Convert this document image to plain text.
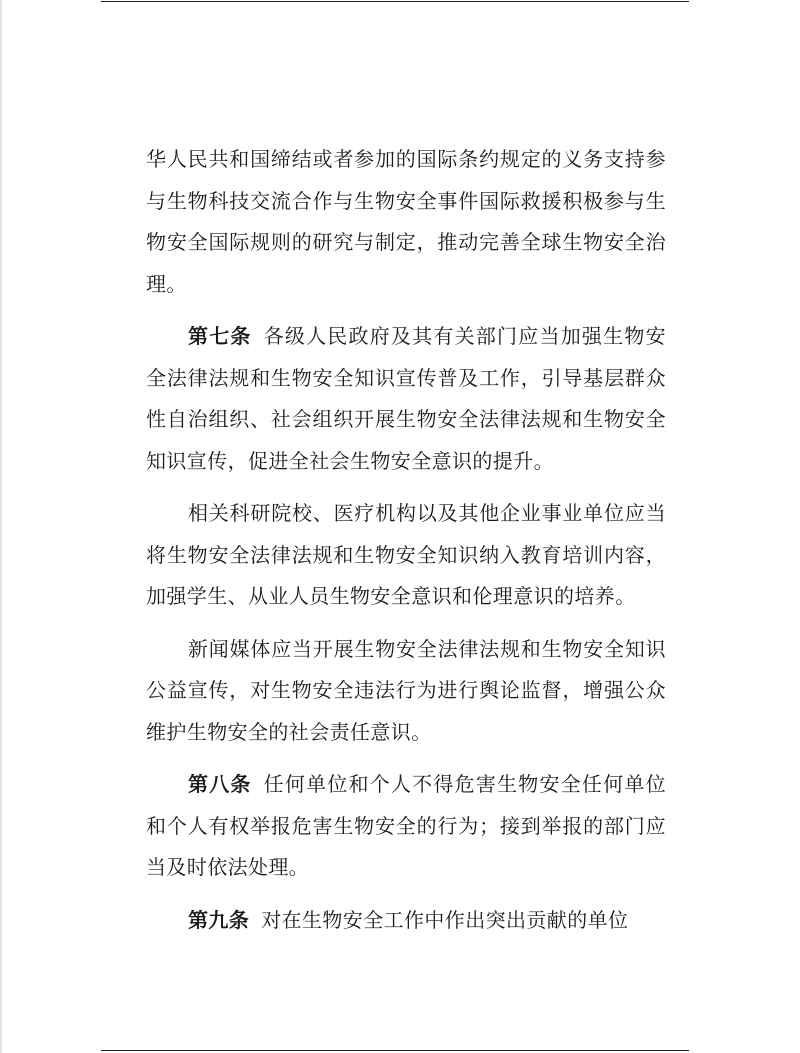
华人民共和国缔结或者参加的国际条约规定的义务支持参与生物科技交流合作与生物安全事件国际救援积极参与生物安全国际规则的研究与制定，推动完善全球生物安全治理。

第七条 各级人民政府及其有关部门应当加强生物安全法律法规和生物安全知识宣传普及工作，引导基层群众性自治组织、社会组织开展生物安全法律法规和生物安全知识宣传，促进全社会生物安全意识的提升。

相关科研院校、医疗机构以及其他企业事业单位应当将生物安全法律法规和生物安全知识纳入教育培训内容，加强学生、从业人员生物安全意识和伦理意识的培养。

新闻媒体应当开展生物安全法律法规和生物安全知识公益宣传，对生物安全违法行为进行舆论监督，增强公众维护生物安全的社会责任意识。

第八条 任何单位和个人不得危害生物安全任何单位和个人有权举报危害生物安全的行为；接到举报的部门应当及时依法处理。

第九条 对在生物安全工作中作出突出贡献的单位
